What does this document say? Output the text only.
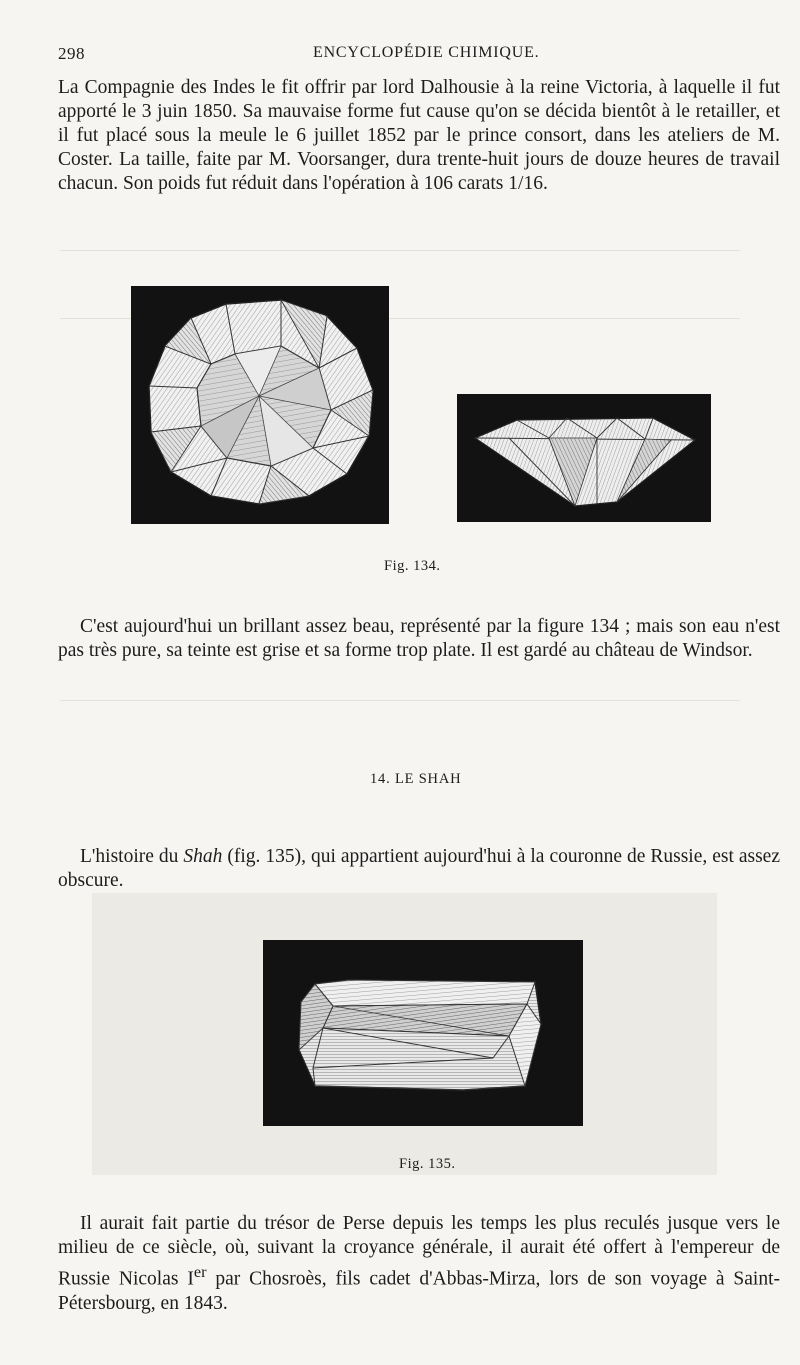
298	ENCYCLOPÉDIE CHIMIQUE.

La Compagnie des Indes le fit offrir par lord Dalhousie à la reine Victoria, à laquelle il fut apporté le 3 juin 1850. Sa mauvaise forme fut cause qu'on se décida bientôt à le retailler, et il fut placé sous la meule le 6 juillet 1852 par le prince consort, dans les ateliers de M. Coster. La taille, faite par M. Voorsanger, dura trente-huit jours de douze heures de travail chacun. Son poids fut réduit dans l'opération à 106 carats 1/16.

Fig. 134.

C'est aujourd'hui un brillant assez beau, représenté par la figure 134 ; mais son eau n'est pas très pure, sa teinte est grise et sa forme trop plate. Il est gardé au château de Windsor.

14. LE SHAH

L'histoire du Shah (fig. 135), qui appartient aujourd'hui à la couronne de Russie, est assez obscure.

Fig. 135.

Il aurait fait partie du trésor de Perse depuis les temps les plus reculés jusque vers le milieu de ce siècle, où, suivant la croyance générale, il aurait été offert à l'empereur de Russie Nicolas Ier par Chosroès, fils cadet d'Abbas-Mirza, lors de son voyage à Saint-Pétersbourg, en 1843.
